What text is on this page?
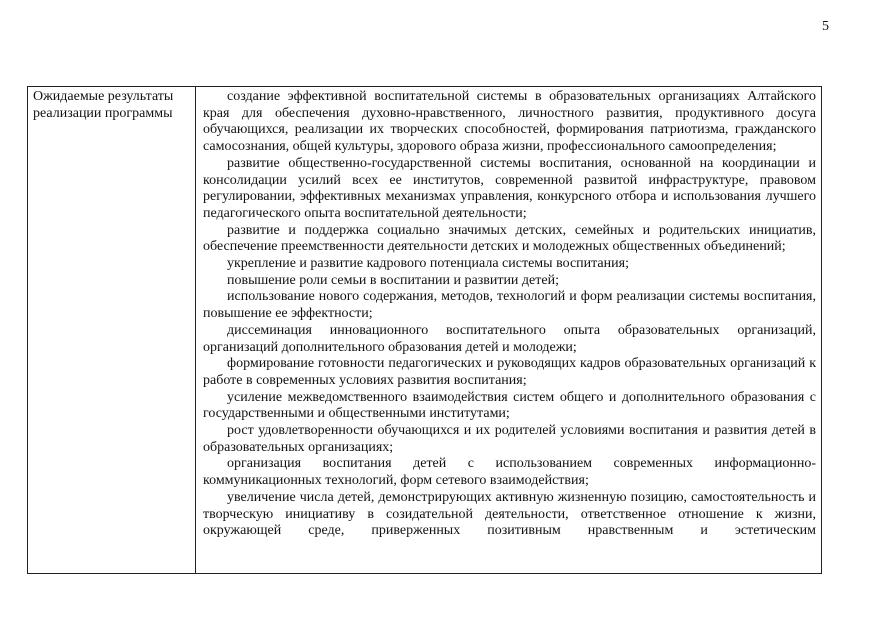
5
Ожидаемые результаты реализации программы

создание эффективной воспитательной системы в образовательных организациях Алтайского края для обеспечения духовно-нравственного, личностного развития, продуктивного досуга обучающихся, реализации их творческих способностей, формирования патриотизма, гражданского самосознания, общей культуры, здорового образа жизни, профессионального самоопределения;

развитие общественно-государственной системы воспитания, основанной на координации и консолидации усилий всех ее институтов, современной развитой инфраструктуре, правовом регулировании, эффективных механизмах управления, конкурсного отбора и использования лучшего педагогического опыта воспитательной деятельности;

развитие и поддержка социально значимых детских, семейных и родительских инициатив, обеспечение преемственности деятельности детских и молодежных общественных объединений;

укрепление и развитие кадрового потенциала системы воспитания;

повышение роли семьи в воспитании и развитии детей;

использование нового содержания, методов, технологий и форм реализации системы воспитания, повышение ее эффектности;

диссеминация инновационного воспитательного опыта образовательных организаций, организаций дополнительного образования детей и молодежи;

формирование готовности педагогических и руководящих кадров образовательных организаций к работе в современных условиях развития воспитания;

усиление межведомственного взаимодействия систем общего и дополнительного образования с государственными и общественными институтами;

рост удовлетворенности обучающихся и их родителей условиями воспитания и развития детей в образовательных организациях;

организация воспитания детей с использованием современных информационно-коммуникационных технологий, форм сетевого взаимодействия;

увеличение числа детей, демонстрирующих активную жизненную позицию, самостоятельность и творческую инициативу в созидательной деятельности, ответственное отношение к жизни, окружающей среде, приверженных позитивным нравственным и эстетическим
